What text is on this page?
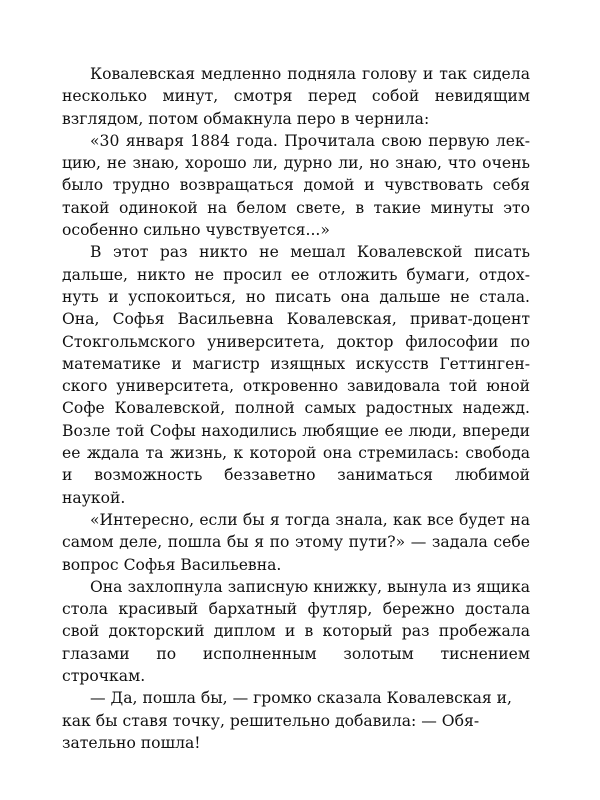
Ковалевская медленно подняла голову и так сидела несколько минут, смотря перед собой невидящим взглядом, потом обмакнула перо в чернила:

«30 января 1884 года. Прочитала свою первую лекцию, не знаю, хорошо ли, дурно ли, но знаю, что очень было трудно возвращаться домой и чувствовать себя такой одинокой на белом свете, в такие минуты это особенно сильно чувствуется...»

В этот раз никто не мешал Ковалевской писать дальше, никто не просил ее отложить бумаги, отдохнуть и успокоиться, но писать она дальше не стала. Она, Софья Васильевна Ковалевская, приват-доцент Стокгольмского университета, доктор философии по математике и магистр изящных искусств Геттингенского университета, откровенно завидовала той юной Софе Ковалевской, полной самых радостных надежд. Возле той Софы находились любящие ее люди, впереди ее ждала та жизнь, к которой она стремилась: свобода и возможность беззаветно заниматься любимой наукой.

«Интересно, если бы я тогда знала, как все будет на самом деле, пошла бы я по этому пути?» — задала себе вопрос Софья Васильевна.

Она захлопнула записную книжку, вынула из ящика стола красивый бархатный футляр, бережно достала свой докторский диплом и в который раз пробежала глазами по исполненным золотым тиснением строчкам.

— Да, пошла бы, — громко сказала Ковалевская и, как бы ставя точку, решительно добавила: — Обязательно пошла!
